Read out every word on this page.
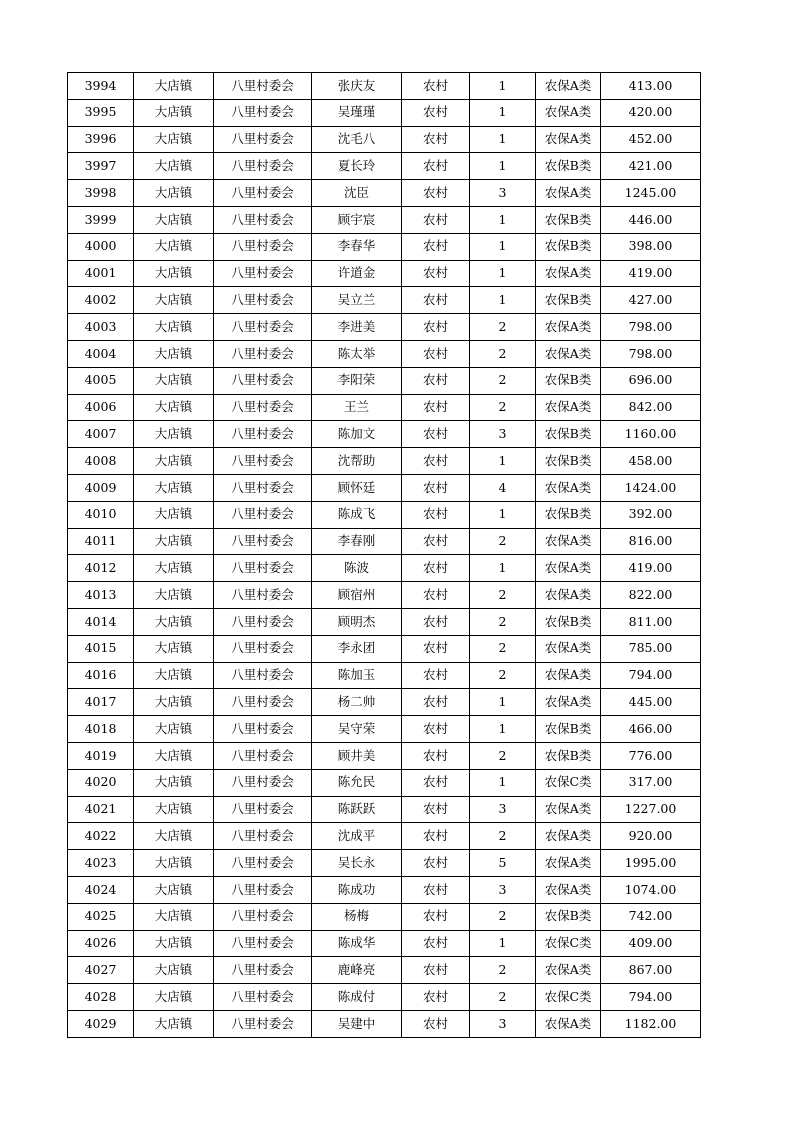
3994	大店镇	八里村委会	张庆友	农村	1	农保A类	413.00
3995	大店镇	八里村委会	吴瑾瑾	农村	1	农保A类	420.00
3996	大店镇	八里村委会	沈毛八	农村	1	农保A类	452.00
3997	大店镇	八里村委会	夏长玲	农村	1	农保B类	421.00
3998	大店镇	八里村委会	沈臣	农村	3	农保A类	1245.00
3999	大店镇	八里村委会	顾宇宸	农村	1	农保B类	446.00
4000	大店镇	八里村委会	李春华	农村	1	农保B类	398.00
4001	大店镇	八里村委会	许道金	农村	1	农保A类	419.00
4002	大店镇	八里村委会	吴立兰	农村	1	农保B类	427.00
4003	大店镇	八里村委会	李进美	农村	2	农保A类	798.00
4004	大店镇	八里村委会	陈太举	农村	2	农保A类	798.00
4005	大店镇	八里村委会	李阳荣	农村	2	农保B类	696.00
4006	大店镇	八里村委会	王兰	农村	2	农保A类	842.00
4007	大店镇	八里村委会	陈加文	农村	3	农保B类	1160.00
4008	大店镇	八里村委会	沈帮助	农村	1	农保B类	458.00
4009	大店镇	八里村委会	顾怀廷	农村	4	农保A类	1424.00
4010	大店镇	八里村委会	陈成飞	农村	1	农保B类	392.00
4011	大店镇	八里村委会	李春刚	农村	2	农保A类	816.00
4012	大店镇	八里村委会	陈波	农村	1	农保A类	419.00
4013	大店镇	八里村委会	顾宿州	农村	2	农保A类	822.00
4014	大店镇	八里村委会	顾明杰	农村	2	农保B类	811.00
4015	大店镇	八里村委会	李永团	农村	2	农保A类	785.00
4016	大店镇	八里村委会	陈加玉	农村	2	农保A类	794.00
4017	大店镇	八里村委会	杨二帅	农村	1	农保A类	445.00
4018	大店镇	八里村委会	吴守荣	农村	1	农保B类	466.00
4019	大店镇	八里村委会	顾井美	农村	2	农保B类	776.00
4020	大店镇	八里村委会	陈允民	农村	1	农保C类	317.00
4021	大店镇	八里村委会	陈跃跃	农村	3	农保A类	1227.00
4022	大店镇	八里村委会	沈成平	农村	2	农保A类	920.00
4023	大店镇	八里村委会	吴长永	农村	5	农保A类	1995.00
4024	大店镇	八里村委会	陈成功	农村	3	农保A类	1074.00
4025	大店镇	八里村委会	杨梅	农村	2	农保B类	742.00
4026	大店镇	八里村委会	陈成华	农村	1	农保C类	409.00
4027	大店镇	八里村委会	鹿峰亮	农村	2	农保A类	867.00
4028	大店镇	八里村委会	陈成付	农村	2	农保C类	794.00
4029	大店镇	八里村委会	吴建中	农村	3	农保A类	1182.00
